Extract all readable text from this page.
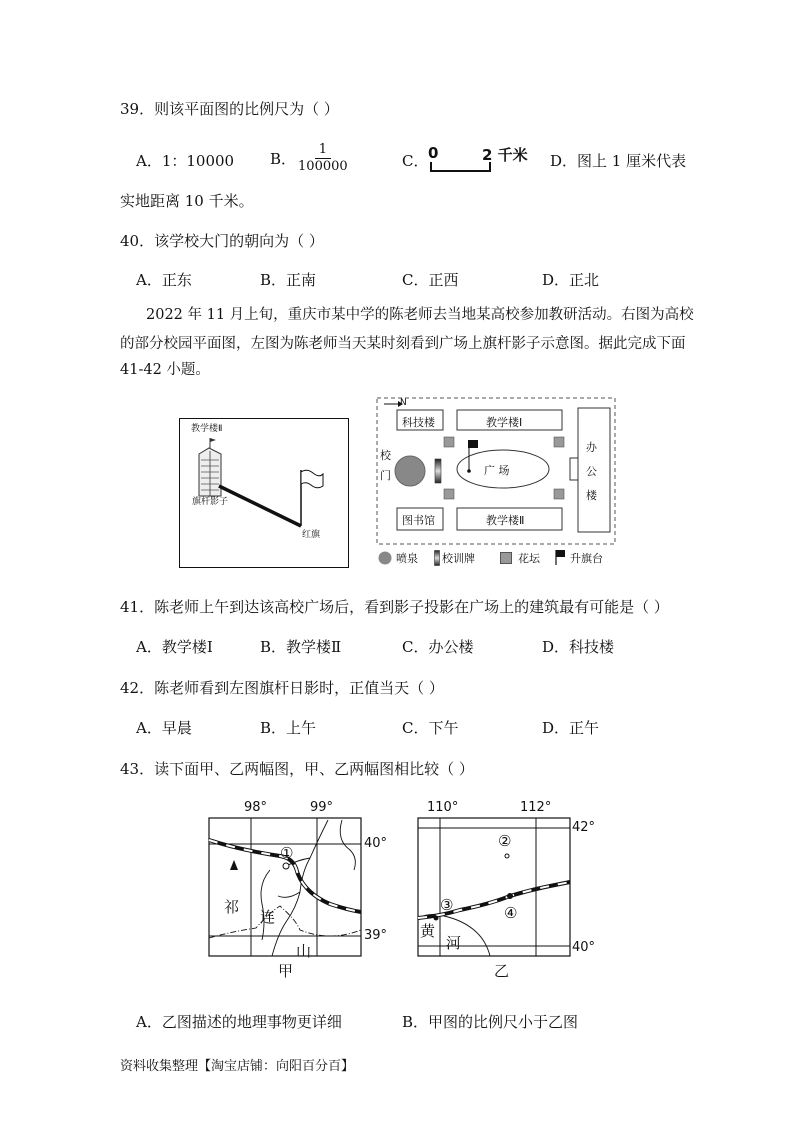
39．则该平面图的比例尺为（ ）
A．1：10000 B． $\frac{1}{100000}$	C． 0	2 千米 D．图上 1 厘米代表
实地距离 10 千米。
40．该学校大门的朝向为（ ）
A．正东	B．正南	C．正西	D．正北
2022 年 11 月上旬，重庆市某中学的陈老师去当地某高校参加教研活动。右图为高校
的部分校园平面图，左图为陈老师当天某时刻看到广场上旗杆影子示意图。据此完成下面
41-42 小题。
教学楼Ⅱ
旗杆影子
红旗
N
科技楼	教学楼Ⅰ
办公楼
校门	广 场
图书馆	教学楼Ⅱ
喷泉 校训牌	花坛	升旗台
41．陈老师上午到达该高校广场后，看到影子投影在广场上的建筑最有可能是（ ）
A．教学楼Ⅰ	B．教学楼Ⅱ	C．办公楼	D．科技楼
42．陈老师看到左图旗杆日影时，正值当天（ ）
A．早晨	B．上午	C．下午	D．正午
43．读下面甲、乙两幅图，甲、乙两幅图相比较（ ）
98°	99°
40°
39°
①
祁
连
山
甲
110°	112°
42°
40°
②
③	④
黄
河
乙
A．乙图描述的地理事物更详细	B．甲图的比例尺小于乙图
资料收集整理【淘宝店铺：向阳百分百】
